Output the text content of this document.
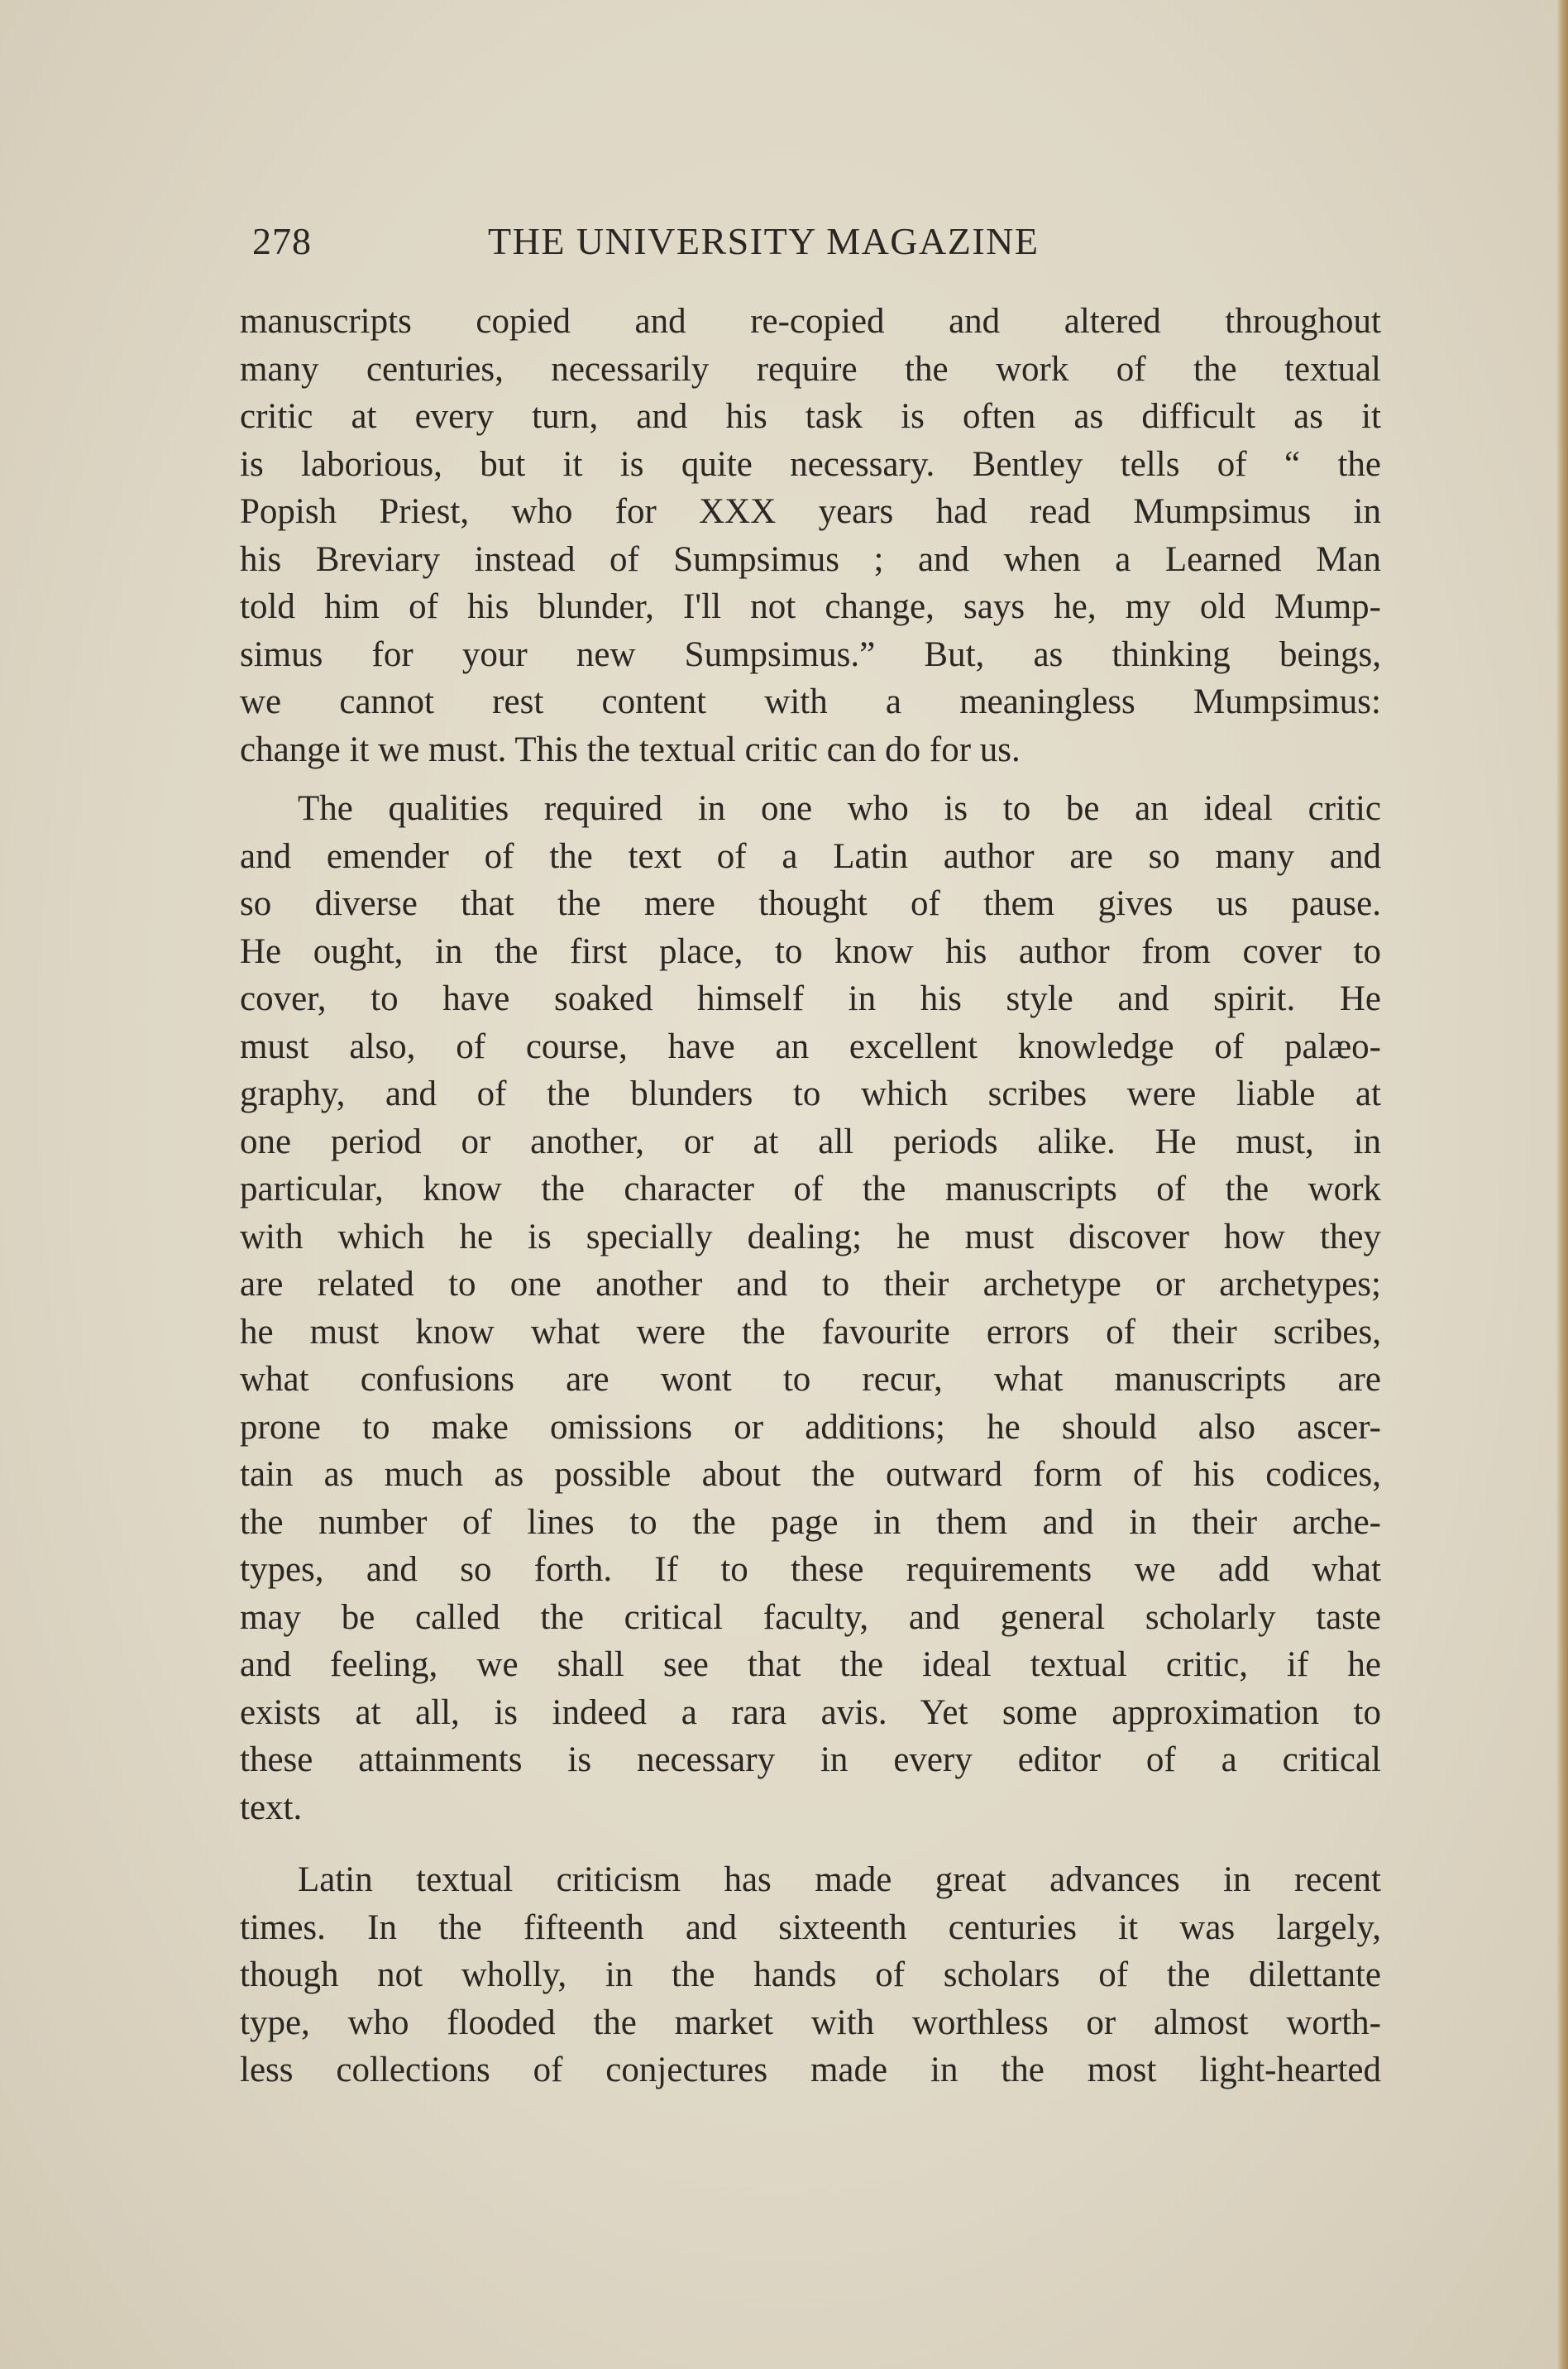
278	THE UNIVERSITY MAGAZINE
manuscripts copied and re-copied and altered throughout
many centuries, necessarily require the work of the textual
critic at every turn, and his task is often as difficult as it
is laborious, but it is quite necessary. Bentley tells of “ the
Popish Priest, who for XXX years had read Mumpsimus in
his Breviary instead of Sumpsimus ; and when a Learned Man
told him of his blunder, I'll not change, says he, my old Mump-
simus for your new Sumpsimus.” But, as thinking beings,
we cannot rest content with a meaningless Mumpsimus:
change it we must. This the textual critic can do for us.
The qualities required in one who is to be an ideal critic
and emender of the text of a Latin author are so many and
so diverse that the mere thought of them gives us pause.
He ought, in the first place, to know his author from cover to
cover, to have soaked himself in his style and spirit. He
must also, of course, have an excellent knowledge of palæo-
graphy, and of the blunders to which scribes were liable at
one period or another, or at all periods alike. He must, in
particular, know the character of the manuscripts of the work
with which he is specially dealing; he must discover how they
are related to one another and to their archetype or archetypes;
he must know what were the favourite errors of their scribes,
what confusions are wont to recur, what manuscripts are
prone to make omissions or additions; he should also ascer-
tain as much as possible about the outward form of his codices,
the number of lines to the page in them and in their arche-
types, and so forth. If to these requirements we add what
may be called the critical faculty, and general scholarly taste
and feeling, we shall see that the ideal textual critic, if he
exists at all, is indeed a rara avis. Yet some approximation to
these attainments is necessary in every editor of a critical
text.
Latin textual criticism has made great advances in recent
times. In the fifteenth and sixteenth centuries it was largely,
though not wholly, in the hands of scholars of the dilettante
type, who flooded the market with worthless or almost worth-
less collections of conjectures made in the most light-hearted
